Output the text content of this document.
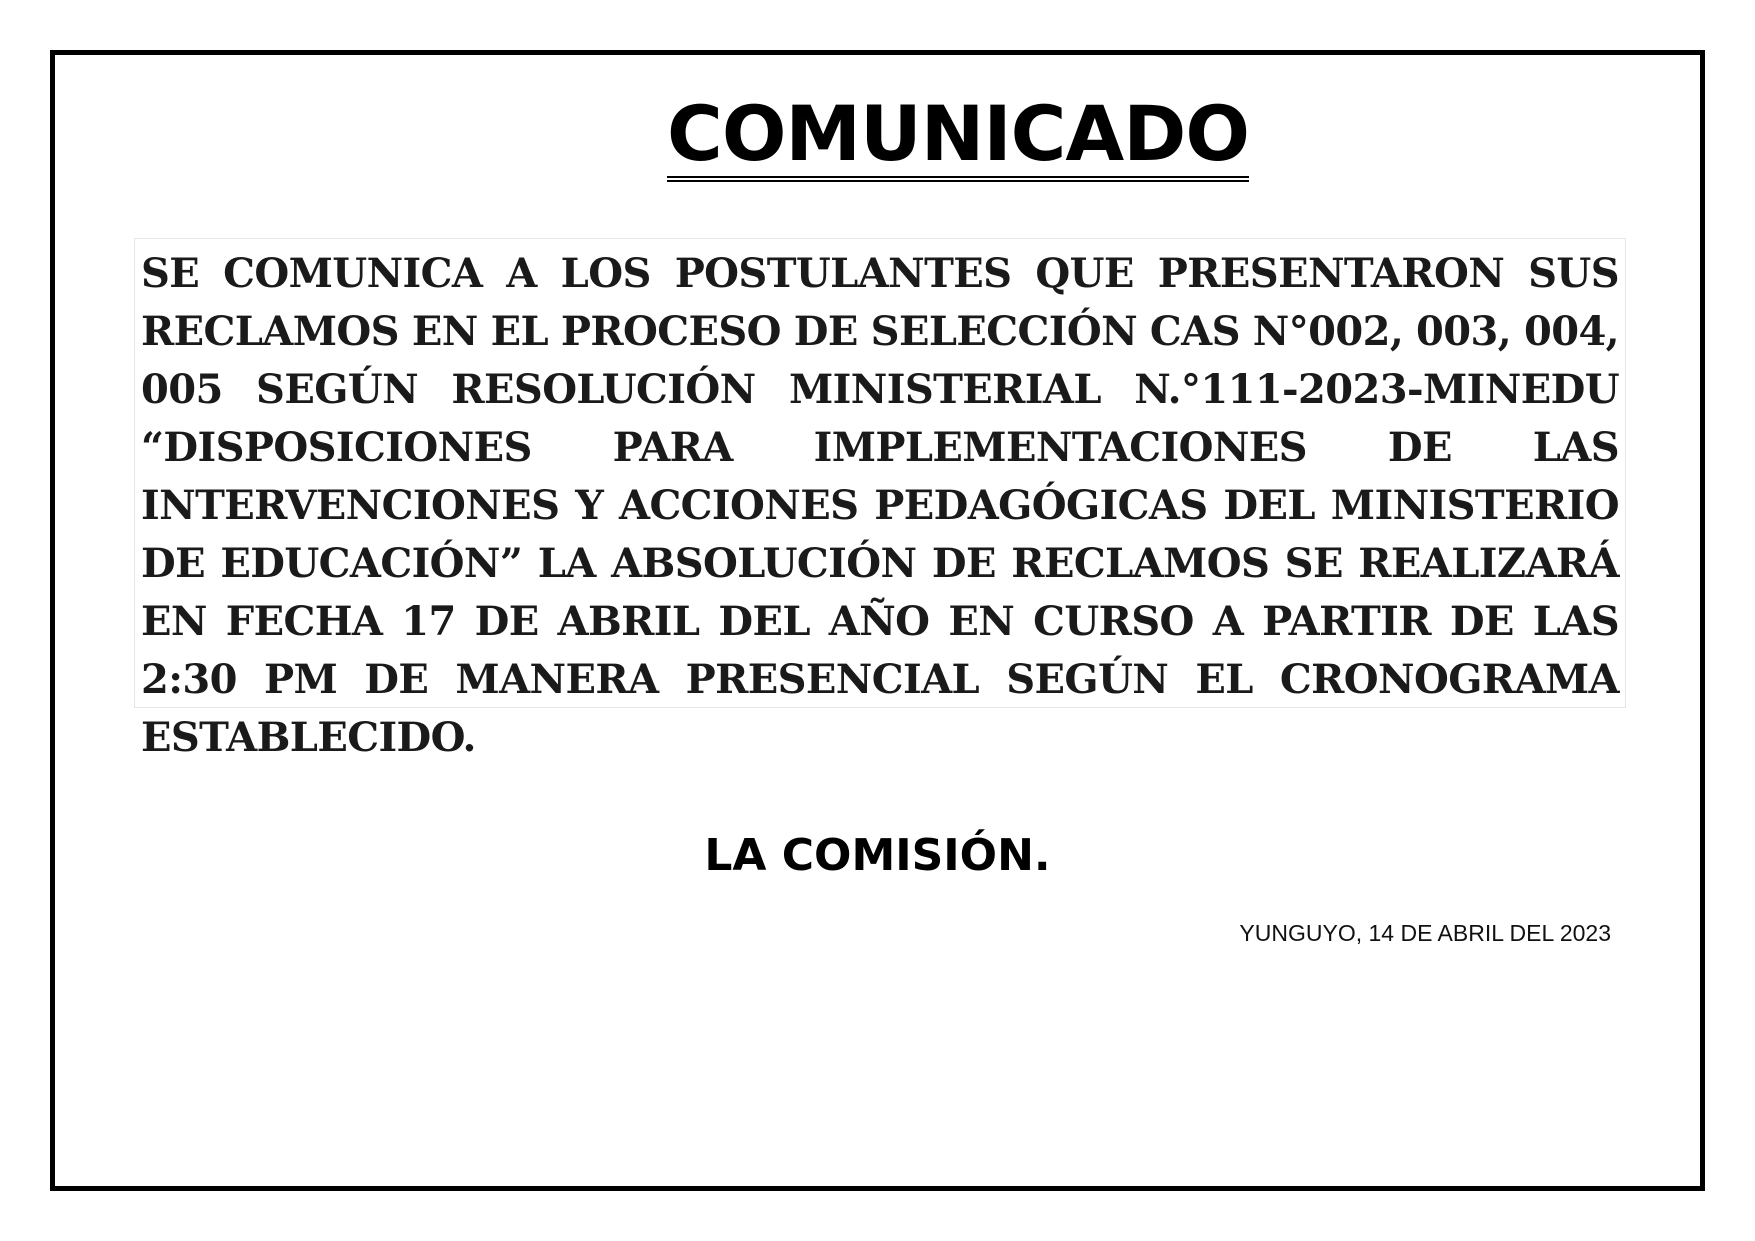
COMUNICADO

SE COMUNICA A LOS POSTULANTES QUE PRESENTARON SUS RECLAMOS EN EL PROCESO DE SELECCIÓN CAS N°002, 003, 004, 005 SEGÚN RESOLUCIÓN MINISTERIAL N.°111-2023-MINEDU “DISPOSICIONES PARA IMPLEMENTACIONES DE LAS INTERVENCIONES Y ACCIONES PEDAGÓGICAS DEL MINISTERIO DE EDUCACIÓN” LA ABSOLUCIÓN DE RECLAMOS SE REALIZARÁ EN FECHA 17 DE ABRIL DEL AÑO EN CURSO A PARTIR DE LAS 2:30 PM DE MANERA PRESENCIAL SEGÚN EL CRONOGRAMA ESTABLECIDO.

LA COMISIÓN.

YUNGUYO, 14 DE ABRIL DEL 2023
